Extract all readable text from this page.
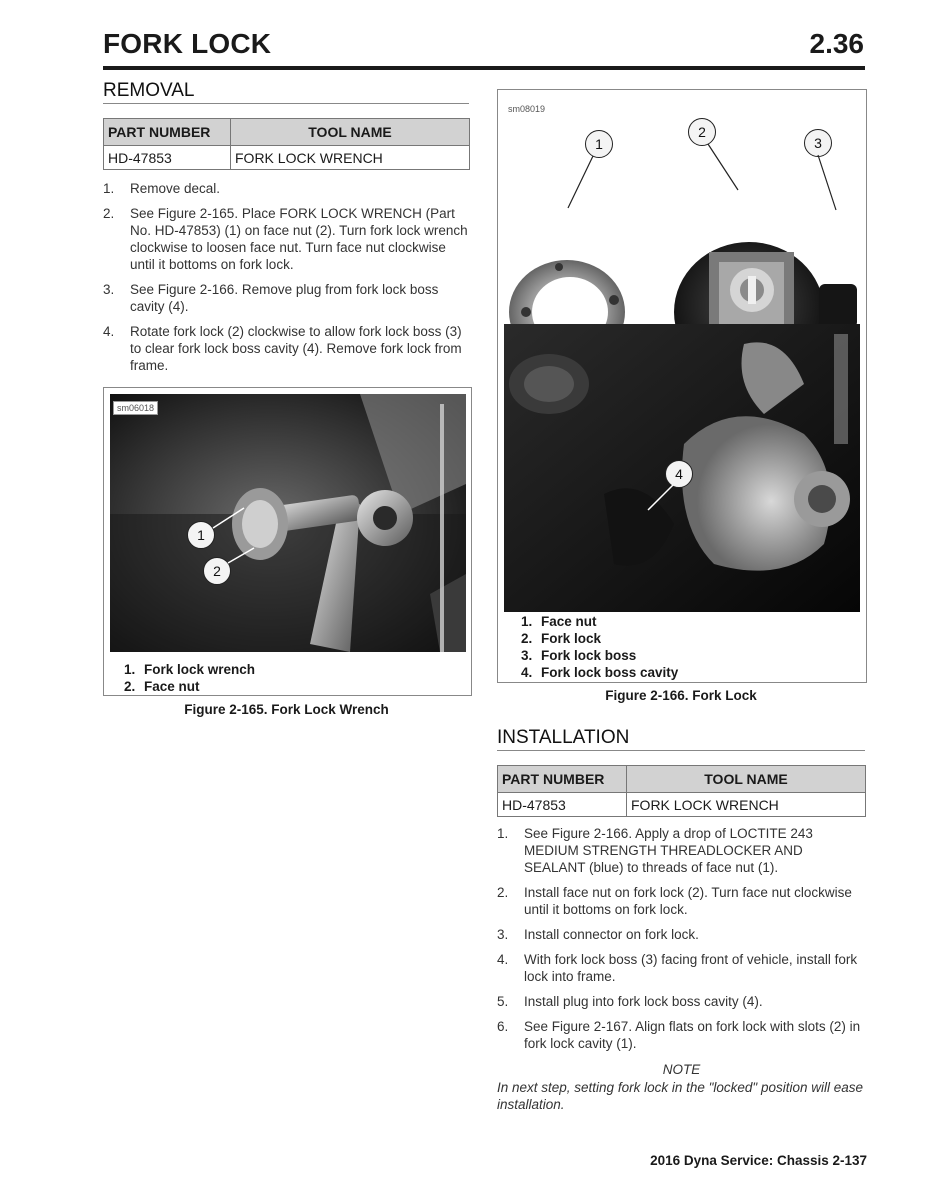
FORK LOCK	2.36
REMOVAL
PART NUMBER	TOOL NAME
HD-47853	FORK LOCK WRENCH
1.	Remove decal.
2.	See Figure 2-165. Place FORK LOCK WRENCH (Part No. HD-47853) (1) on face nut (2). Turn fork lock wrench clockwise to loosen face nut. Turn face nut clockwise until it bottoms on fork lock.
3.	See Figure 2-166. Remove plug from fork lock boss cavity (4).
4.	Rotate fork lock (2) clockwise to allow fork lock boss (3) to clear fork lock boss cavity (4). Remove fork lock from frame.
sm06018
1
2
1. Fork lock wrench
2. Face nut
Figure 2-165. Fork Lock Wrench
sm08019
1
2
3
4
1. Face nut
2. Fork lock
3. Fork lock boss
4. Fork lock boss cavity
Figure 2-166. Fork Lock
INSTALLATION
PART NUMBER	TOOL NAME
HD-47853	FORK LOCK WRENCH
1.	See Figure 2-166. Apply a drop of LOCTITE 243 MEDIUM STRENGTH THREADLOCKER AND SEALANT (blue) to threads of face nut (1).
2.	Install face nut on fork lock (2). Turn face nut clockwise until it bottoms on fork lock.
3.	Install connector on fork lock.
4.	With fork lock boss (3) facing front of vehicle, install fork lock into frame.
5.	Install plug into fork lock boss cavity (4).
6.	See Figure 2-167. Align flats on fork lock with slots (2) in fork lock cavity (1).
NOTE
In next step, setting fork lock in the "locked" position will ease installation.
2016 Dyna Service: Chassis 2-137
